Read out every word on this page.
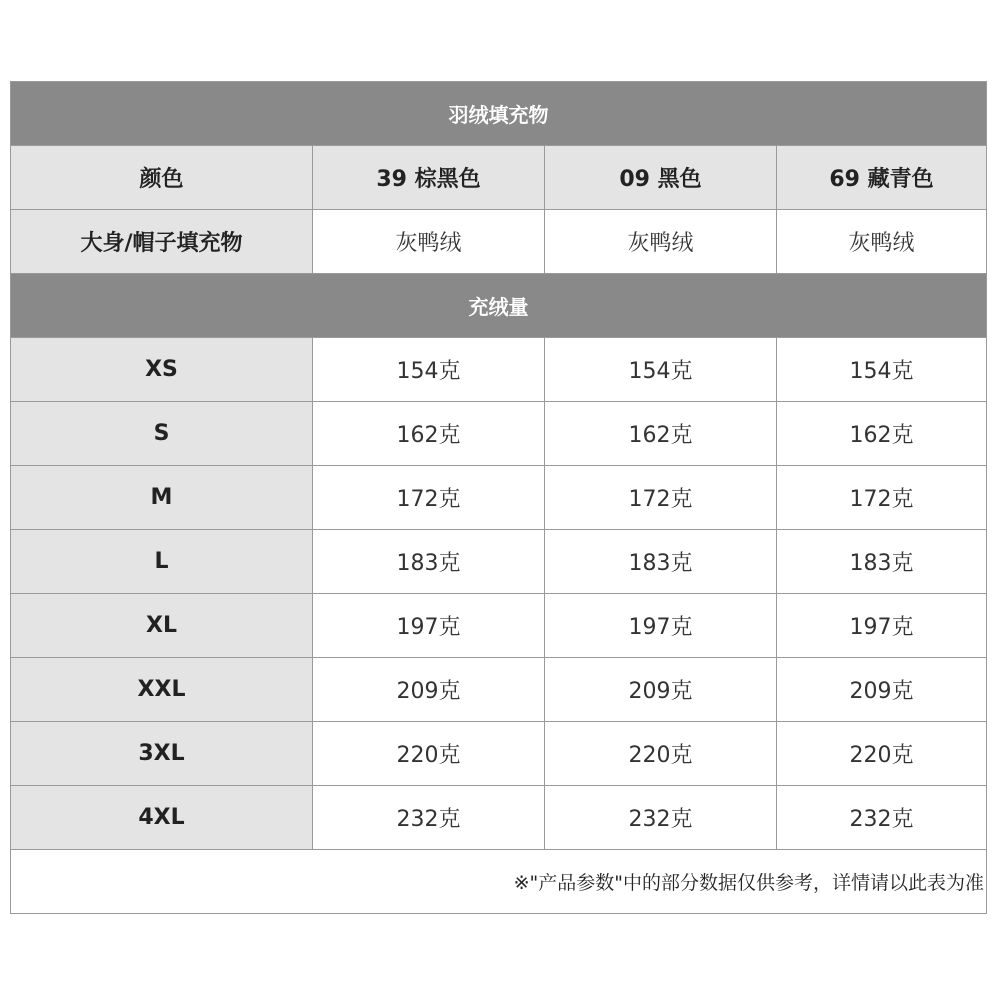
羽绒填充物			
颜色	39 棕黑色	09 黑色	69 藏青色
大身/帽子填充物	灰鸭绒	灰鸭绒	灰鸭绒
充绒量			
XS	154克	154克	154克
S	162克	162克	162克
M	172克	172克	172克
L	183克	183克	183克
XL	197克	197克	197克
XXL	209克	209克	209克
3XL	220克	220克	220克
4XL	232克	232克	232克
※"产品参数"中的部分数据仅供参考，详情请以此表为准			
